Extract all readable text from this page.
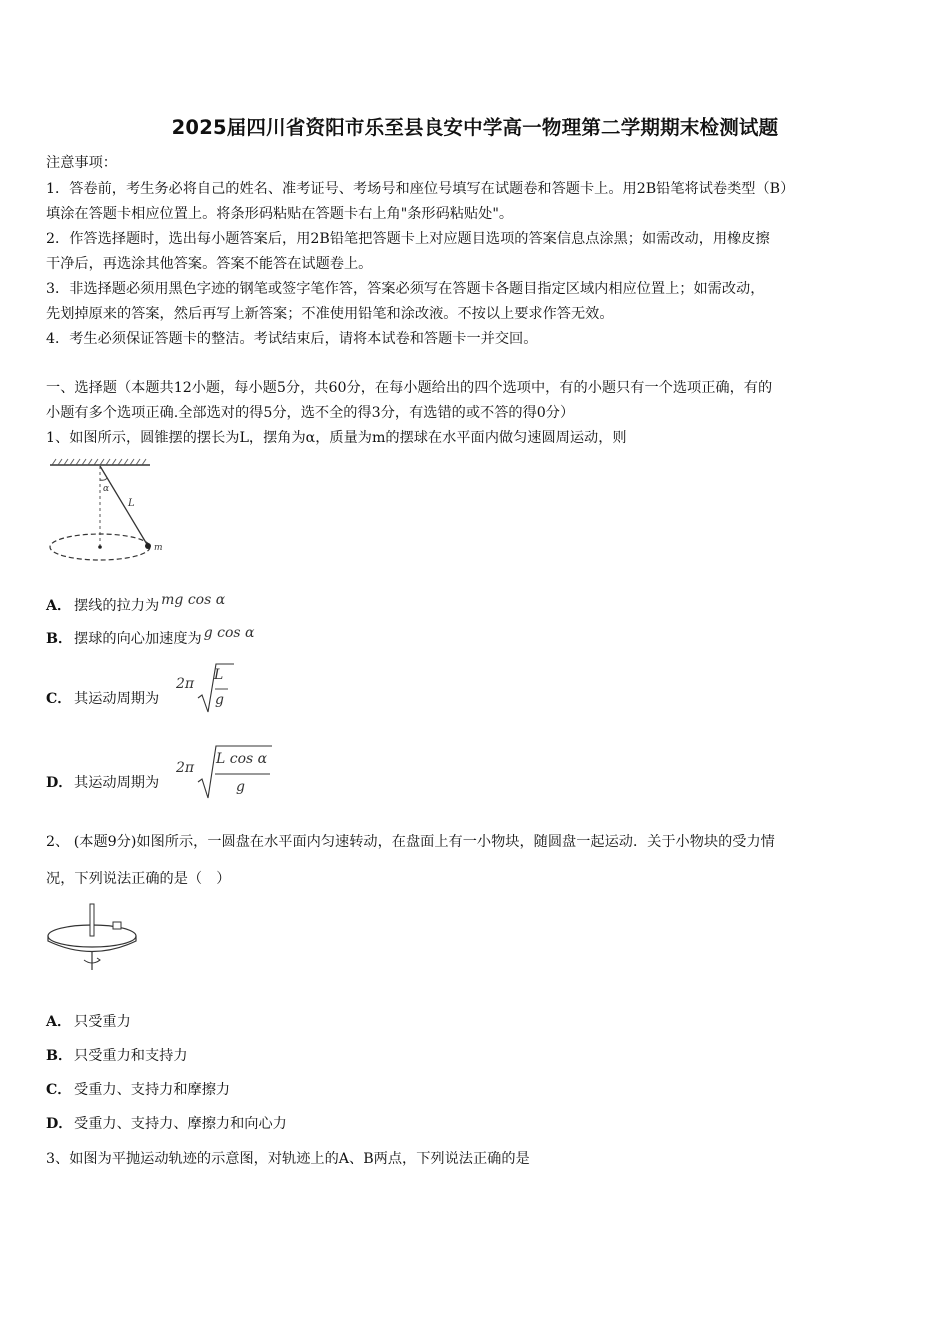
2025届四川省资阳市乐至县良安中学高一物理第二学期期末检测试题
注意事项：
1．答卷前，考生务必将自己的姓名、准考证号、考场号和座位号填写在试题卷和答题卡上。用2B铅笔将试卷类型（B）
填涂在答题卡相应位置上。将条形码粘贴在答题卡右上角"条形码粘贴处"。
2．作答选择题时，选出每小题答案后，用2B铅笔把答题卡上对应题目选项的答案信息点涂黑；如需改动，用橡皮擦
干净后，再选涂其他答案。答案不能答在试题卷上。
3．非选择题必须用黑色字迹的钢笔或签字笔作答，答案必须写在答题卡各题目指定区域内相应位置上；如需改动，
先划掉原来的答案，然后再写上新答案；不准使用铅笔和涂改液。不按以上要求作答无效。
4．考生必须保证答题卡的整洁。考试结束后，请将本试卷和答题卡一并交回。
一、选择题（本题共12小题，每小题5分，共60分，在每小题给出的四个选项中，有的小题只有一个选项正确，有的
小题有多个选项正确.全部选对的得5分，选不全的得3分，有选错的或不答的得0分）
1、如图所示，圆锥摆的摆长为L，摆角为α，质量为m的摆球在水平面内做匀速圆周运动，则
α
L
m
A． 摆线的拉力为 mg cos α
B． 摆球的向心加速度为 g cos α
C． 其运动周期为
2π
L
g
D． 其运动周期为
2π
L cos α
g
2、 (本题9分)如图所示，一圆盘在水平面内匀速转动，在盘面上有一小物块，随圆盘一起运动．关于小物块的受力情
况，下列说法正确的是（　）
A． 只受重力
B． 只受重力和支持力
C． 受重力、支持力和摩擦力
D． 受重力、支持力、摩擦力和向心力
3、如图为平抛运动轨迹的示意图，对轨迹上的A、B两点，下列说法正确的是
